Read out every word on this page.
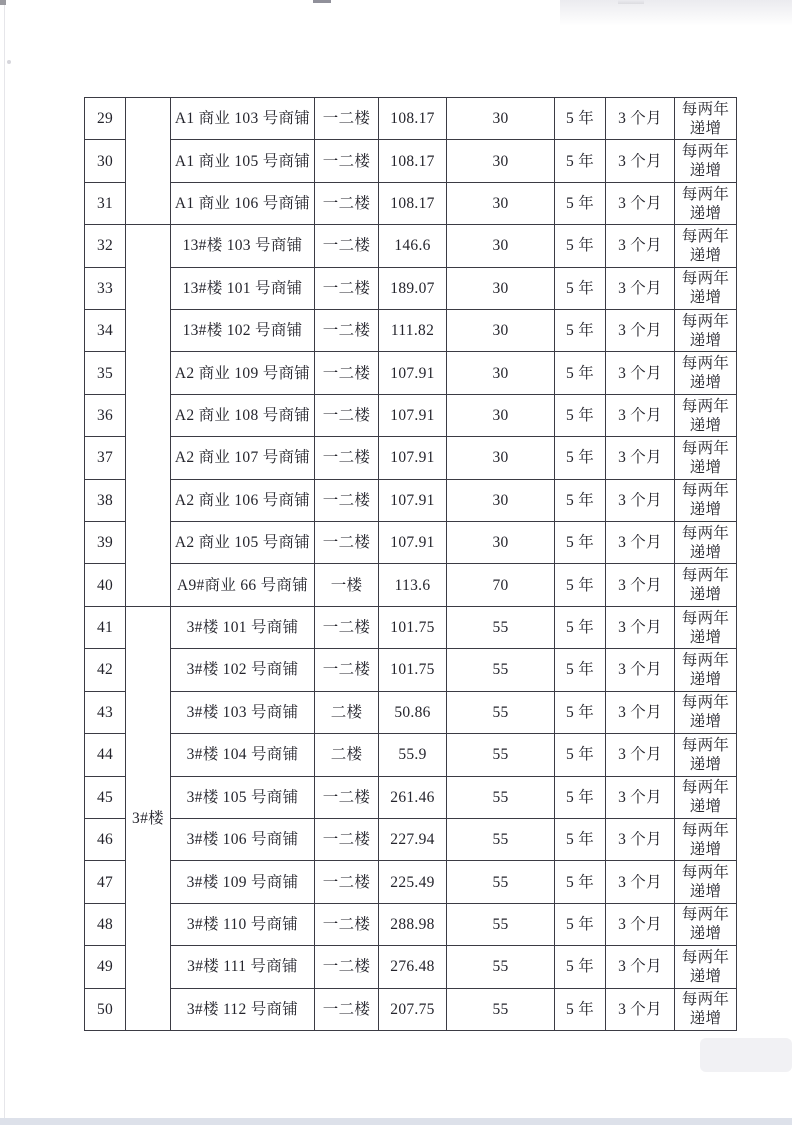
29		A1 商业 103 号商铺	一二楼	108.17	30	5 年	3 个月	每两年递增
30		A1 商业 105 号商铺	一二楼	108.17	30	5 年	3 个月	每两年递增
31		A1 商业 106 号商铺	一二楼	108.17	30	5 年	3 个月	每两年递增
32		13#楼 103 号商铺	一二楼	146.6	30	5 年	3 个月	每两年递增
33		13#楼 101 号商铺	一二楼	189.07	30	5 年	3 个月	每两年递增
34		13#楼 102 号商铺	一二楼	111.82	30	5 年	3 个月	每两年递增
35		A2 商业 109 号商铺	一二楼	107.91	30	5 年	3 个月	每两年递增
36		A2 商业 108 号商铺	一二楼	107.91	30	5 年	3 个月	每两年递增
37		A2 商业 107 号商铺	一二楼	107.91	30	5 年	3 个月	每两年递增
38		A2 商业 106 号商铺	一二楼	107.91	30	5 年	3 个月	每两年递增
39		A2 商业 105 号商铺	一二楼	107.91	30	5 年	3 个月	每两年递增
40		A9#商业 66 号商铺	一楼	113.6	70	5 年	3 个月	每两年递增
41	3#楼	3#楼 101 号商铺	一二楼	101.75	55	5 年	3 个月	每两年递增
42		3#楼 102 号商铺	一二楼	101.75	55	5 年	3 个月	每两年递增
43		3#楼 103 号商铺	二楼	50.86	55	5 年	3 个月	每两年递增
44		3#楼 104 号商铺	二楼	55.9	55	5 年	3 个月	每两年递增
45		3#楼 105 号商铺	一二楼	261.46	55	5 年	3 个月	每两年递增
46		3#楼 106 号商铺	一二楼	227.94	55	5 年	3 个月	每两年递增
47		3#楼 109 号商铺	一二楼	225.49	55	5 年	3 个月	每两年递增
48		3#楼 110 号商铺	一二楼	288.98	55	5 年	3 个月	每两年递增
49		3#楼 111 号商铺	一二楼	276.48	55	5 年	3 个月	每两年递增
50		3#楼 112 号商铺	一二楼	207.75	55	5 年	3 个月	每两年递增
